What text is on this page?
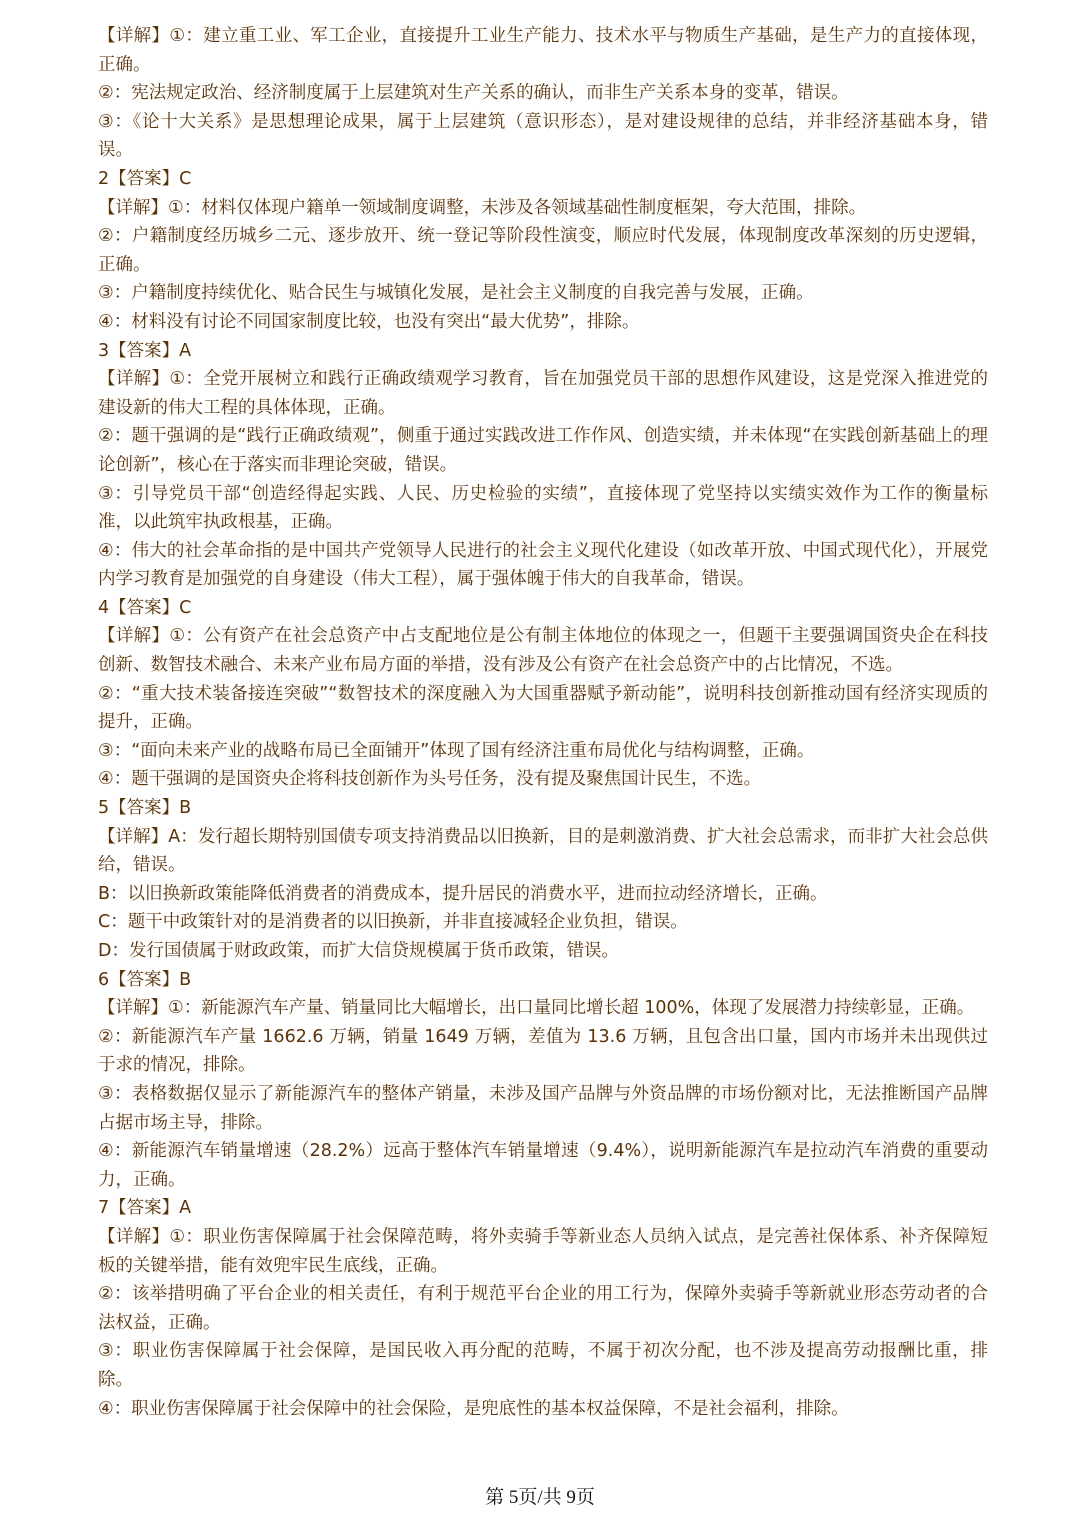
【详解】①：建立重工业、军工企业，直接提升工业生产能力、技术水平与物质生产基础，是生产力的直接体现，正确。

②：宪法规定政治、经济制度属于上层建筑对生产关系的确认，而非生产关系本身的变革，错误。

③：《论十大关系》是思想理论成果，属于上层建筑（意识形态），是对建设规律的总结，并非经济基础本身，错误。

2【答案】C

【详解】①：材料仅体现户籍单一领域制度调整，未涉及各领域基础性制度框架，夸大范围，排除。

②：户籍制度经历城乡二元、逐步放开、统一登记等阶段性演变，顺应时代发展，体现制度改革深刻的历史逻辑，正确。

③：户籍制度持续优化、贴合民生与城镇化发展，是社会主义制度的自我完善与发展，正确。

④：材料没有讨论不同国家制度比较，也没有突出“最大优势”，排除。

3【答案】A

【详解】①：全党开展树立和践行正确政绩观学习教育，旨在加强党员干部的思想作风建设，这是党深入推进党的建设新的伟大工程的具体体现，正确。

②：题干强调的是“践行正确政绩观”，侧重于通过实践改进工作作风、创造实绩，并未体现“在实践创新基础上的理论创新”，核心在于落实而非理论突破，错误。

③：引导党员干部“创造经得起实践、人民、历史检验的实绩”，直接体现了党坚持以实绩实效作为工作的衡量标准，以此筑牢执政根基，正确。

④：伟大的社会革命指的是中国共产党领导人民进行的社会主义现代化建设（如改革开放、中国式现代化），开展党内学习教育是加强党的自身建设（伟大工程），属于强体魄于伟大的自我革命，错误。

4【答案】C

【详解】①：公有资产在社会总资产中占支配地位是公有制主体地位的体现之一，但题干主要强调国资央企在科技创新、数智技术融合、未来产业布局方面的举措，没有涉及公有资产在社会总资产中的占比情况，不选。

②：“重大技术装备接连突破”“数智技术的深度融入为大国重器赋予新动能”，说明科技创新推动国有经济实现质的提升，正确。

③：“面向未来产业的战略布局已全面铺开”体现了国有经济注重布局优化与结构调整，正确。

④：题干强调的是国资央企将科技创新作为头号任务，没有提及聚焦国计民生，不选。

5【答案】B

【详解】A：发行超长期特别国债专项支持消费品以旧换新，目的是刺激消费、扩大社会总需求，而非扩大社会总供给，错误。

B：以旧换新政策能降低消费者的消费成本，提升居民的消费水平，进而拉动经济增长，正确。

C：题干中政策针对的是消费者的以旧换新，并非直接减轻企业负担，错误。

D：发行国债属于财政政策，而扩大信贷规模属于货币政策，错误。

6【答案】B

【详解】①：新能源汽车产量、销量同比大幅增长，出口量同比增长超 100%，体现了发展潜力持续彰显，正确。

②：新能源汽车产量 1662.6 万辆，销量 1649 万辆，差值为 13.6 万辆，且包含出口量，国内市场并未出现供过于求的情况，排除。

③：表格数据仅显示了新能源汽车的整体产销量，未涉及国产品牌与外资品牌的市场份额对比，无法推断国产品牌占据市场主导，排除。

④：新能源汽车销量增速（28.2%）远高于整体汽车销量增速（9.4%），说明新能源汽车是拉动汽车消费的重要动力，正确。

7【答案】A

【详解】①：职业伤害保障属于社会保障范畴，将外卖骑手等新业态人员纳入试点，是完善社保体系、补齐保障短板的关键举措，能有效兜牢民生底线，正确。

②：该举措明确了平台企业的相关责任，有利于规范平台企业的用工行为，保障外卖骑手等新就业形态劳动者的合法权益，正确。

③：职业伤害保障属于社会保障，是国民收入再分配的范畴，不属于初次分配，也不涉及提高劳动报酬比重，排除。

④：职业伤害保障属于社会保障中的社会保险，是兜底性的基本权益保障，不是社会福利，排除。

第 5页/共 9页
